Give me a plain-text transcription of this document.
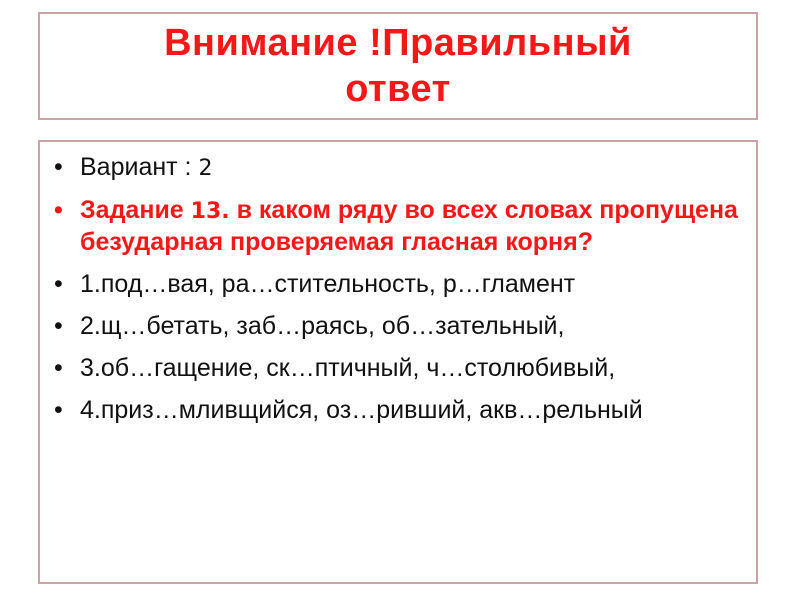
Внимание !Правильный
ответ
• Вариант : 2
• Задание 13. в каком ряду во всех словах пропущена безударная проверяемая гласная корня?
• 1.под…вая, ра…стительность, р…гламент
• 2.щ…бетать, заб…раясь, об…зательный,
• 3.об…гащение, ск…птичный, ч…столюбивый,
• 4.приз…мливщийся, оз…ривший, акв…рельный
